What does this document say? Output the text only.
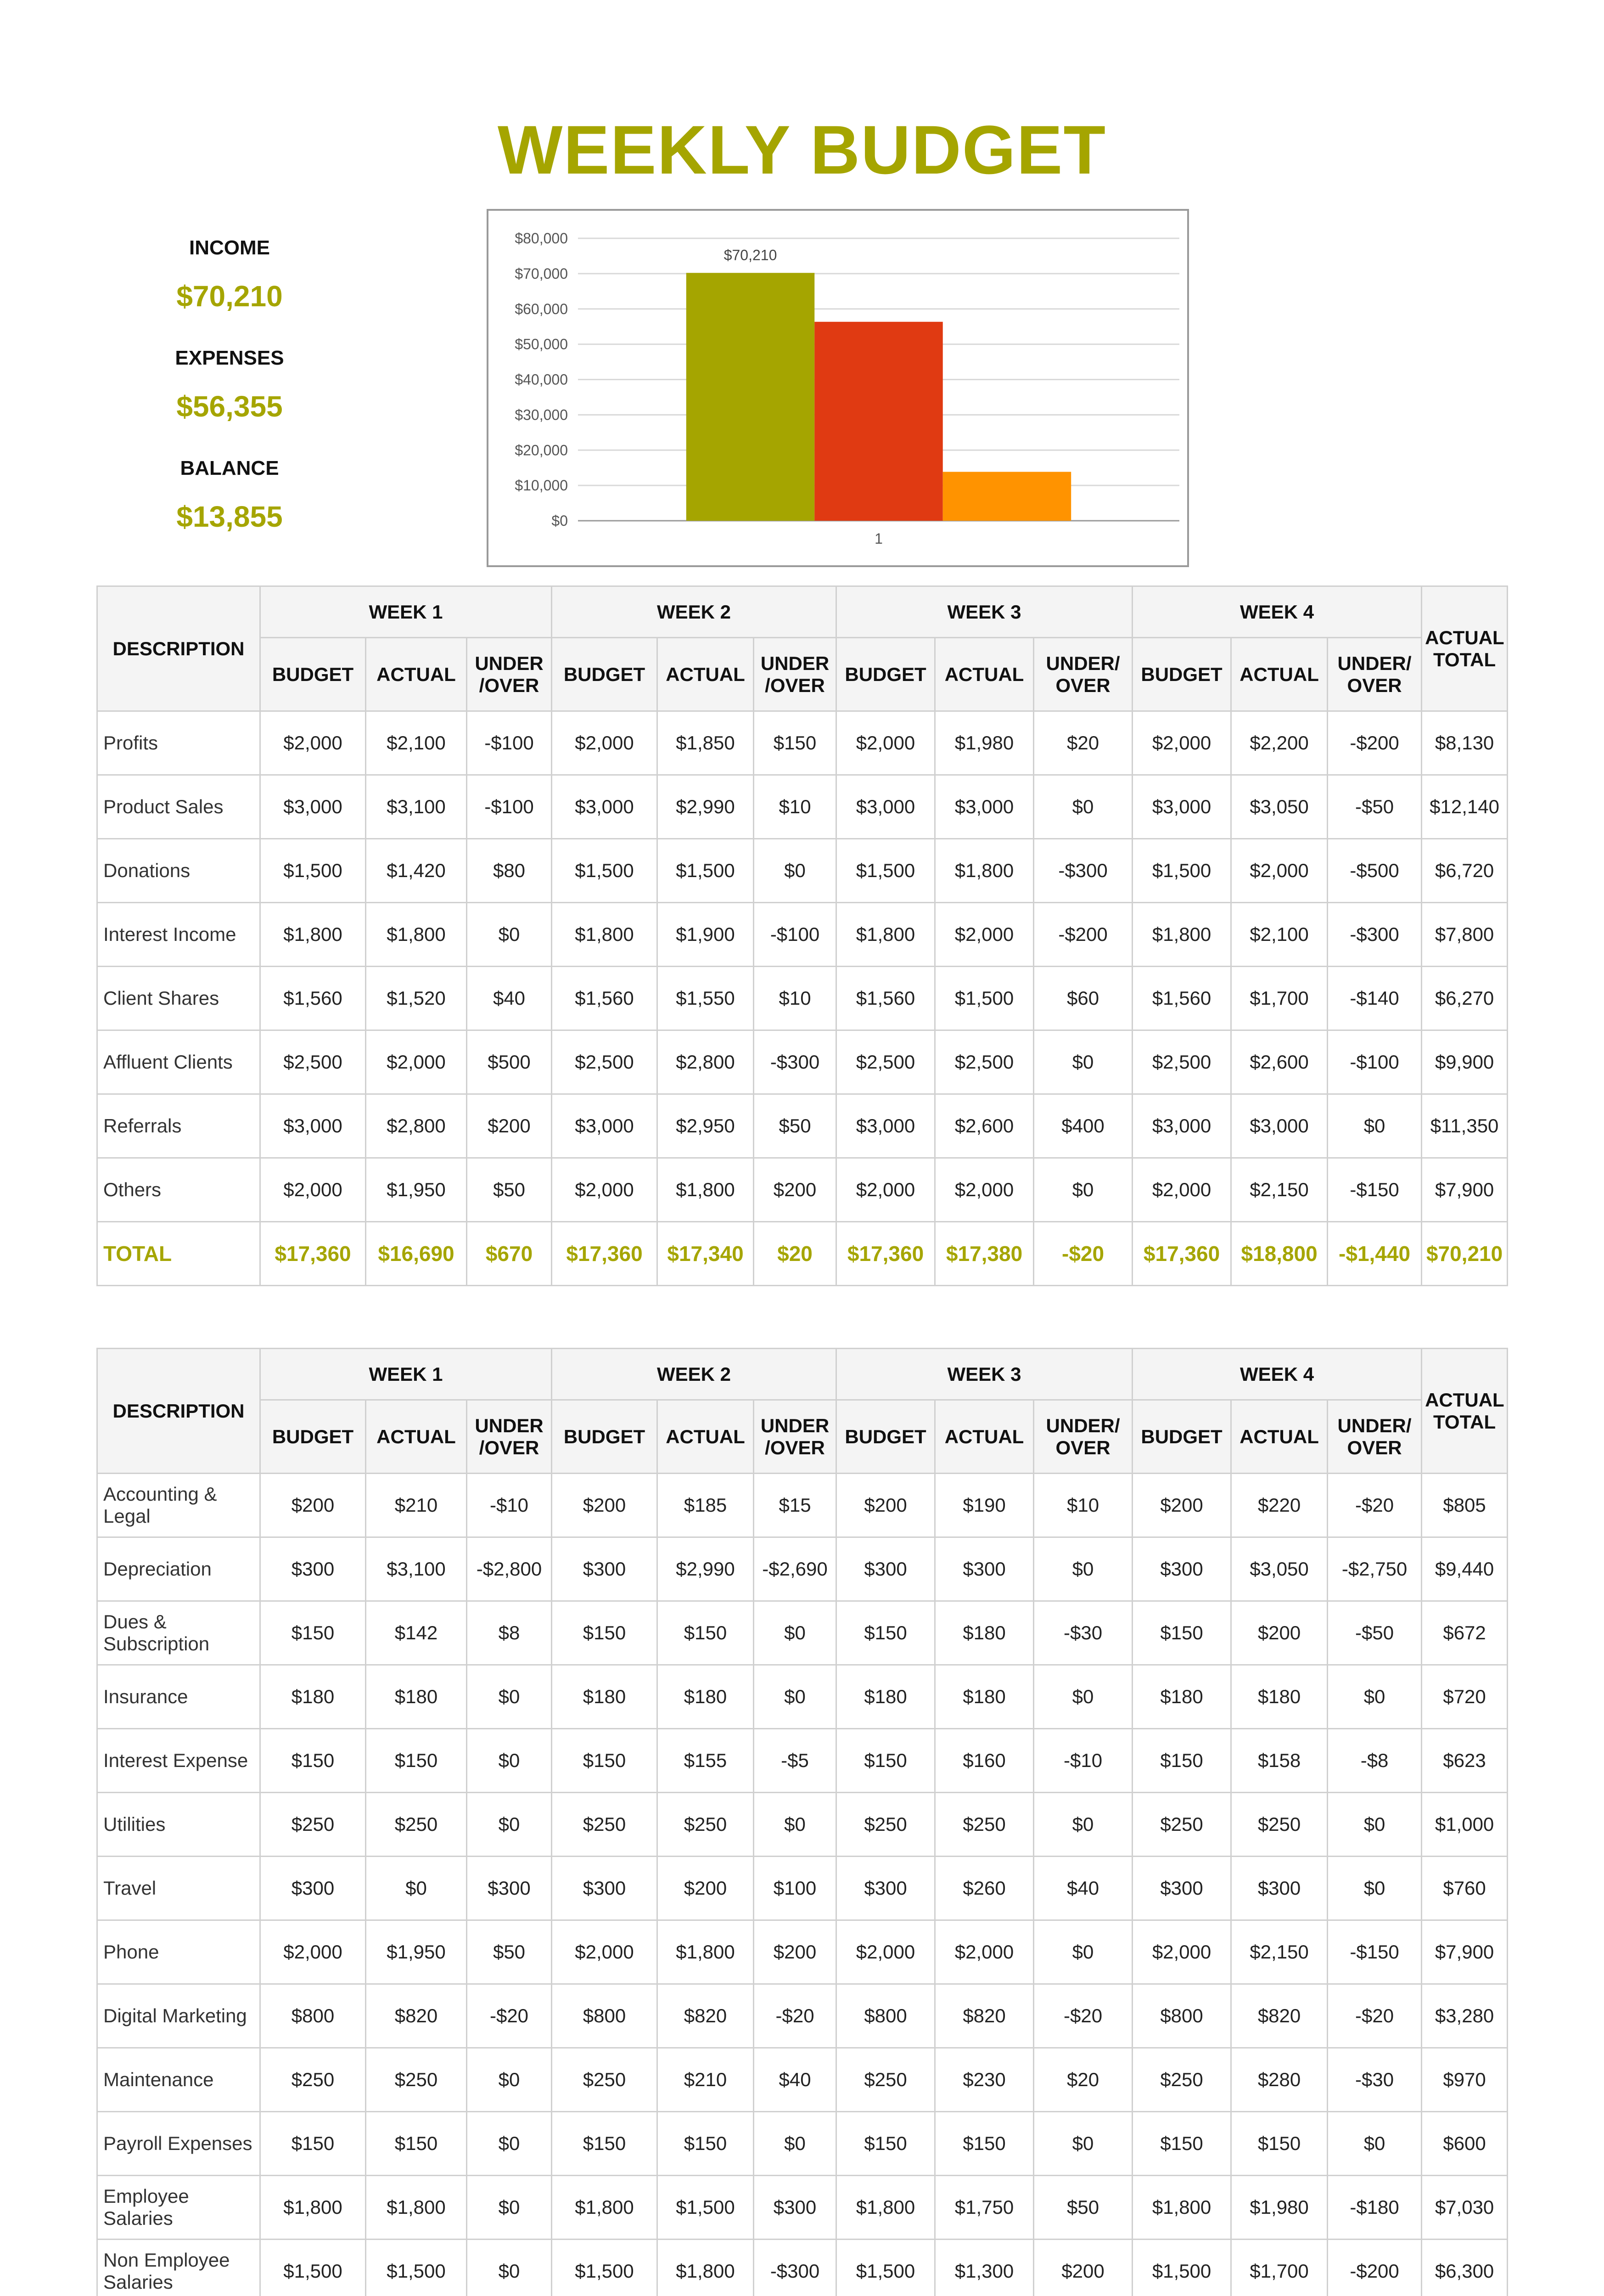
WEEKLY BUDGET
INCOME
$70,210
EXPENSES
$56,355
BALANCE
$13,855	$0
$10,000
$20,000
$30,000
$40,000
$50,000
$60,000
$70,000
$80,000
$70,210
1
DESCRIPTION	WEEK 1			WEEK 2			WEEK 3			WEEK 4			ACTUAL TOTAL
	BUDGET	ACTUAL	UNDER /OVER	BUDGET	ACTUAL	UNDER /OVER	BUDGET	ACTUAL	UNDER/ OVER	BUDGET	ACTUAL	UNDER/ OVER	
Profits	$2,000	$2,100	-$100	$2,000	$1,850	$150	$2,000	$1,980	$20	$2,000	$2,200	-$200	$8,130
Product Sales	$3,000	$3,100	-$100	$3,000	$2,990	$10	$3,000	$3,000	$0	$3,000	$3,050	-$50	$12,140
Donations	$1,500	$1,420	$80	$1,500	$1,500	$0	$1,500	$1,800	-$300	$1,500	$2,000	-$500	$6,720
Interest Income	$1,800	$1,800	$0	$1,800	$1,900	-$100	$1,800	$2,000	-$200	$1,800	$2,100	-$300	$7,800
Client Shares	$1,560	$1,520	$40	$1,560	$1,550	$10	$1,560	$1,500	$60	$1,560	$1,700	-$140	$6,270
Affluent Clients	$2,500	$2,000	$500	$2,500	$2,800	-$300	$2,500	$2,500	$0	$2,500	$2,600	-$100	$9,900
Referrals	$3,000	$2,800	$200	$3,000	$2,950	$50	$3,000	$2,600	$400	$3,000	$3,000	$0	$11,350
Others	$2,000	$1,950	$50	$2,000	$1,800	$200	$2,000	$2,000	$0	$2,000	$2,150	-$150	$7,900
TOTAL	$17,360	$16,690	$670	$17,360	$17,340	$20	$17,360	$17,380	-$20	$17,360	$18,800	-$1,440	$70,210
DESCRIPTION	WEEK 1			WEEK 2			WEEK 3			WEEK 4			ACTUAL TOTAL
	BUDGET	ACTUAL	UNDER /OVER	BUDGET	ACTUAL	UNDER /OVER	BUDGET	ACTUAL	UNDER/ OVER	BUDGET	ACTUAL	UNDER/ OVER	
Accounting & Legal	$200	$210	-$10	$200	$185	$15	$200	$190	$10	$200	$220	-$20	$805
Depreciation	$300	$3,100	-$2,800	$300	$2,990	-$2,690	$300	$300	$0	$300	$3,050	-$2,750	$9,440
Dues & Subscription	$150	$142	$8	$150	$150	$0	$150	$180	-$30	$150	$200	-$50	$672
Insurance	$180	$180	$0	$180	$180	$0	$180	$180	$0	$180	$180	$0	$720
Interest Expense	$150	$150	$0	$150	$155	-$5	$150	$160	-$10	$150	$158	-$8	$623
Utilities	$250	$250	$0	$250	$250	$0	$250	$250	$0	$250	$250	$0	$1,000
Travel	$300	$0	$300	$300	$200	$100	$300	$260	$40	$300	$300	$0	$760
Phone	$2,000	$1,950	$50	$2,000	$1,800	$200	$2,000	$2,000	$0	$2,000	$2,150	-$150	$7,900
Digital Marketing	$800	$820	-$20	$800	$820	-$20	$800	$820	-$20	$800	$820	-$20	$3,280
Maintenance	$250	$250	$0	$250	$210	$40	$250	$230	$20	$250	$280	-$30	$970
Payroll Expenses	$150	$150	$0	$150	$150	$0	$150	$150	$0	$150	$150	$0	$600
Employee Salaries	$1,800	$1,800	$0	$1,800	$1,500	$300	$1,800	$1,750	$50	$1,800	$1,980	-$180	$7,030
Non Employee Salaries	$1,500	$1,500	$0	$1,500	$1,800	-$300	$1,500	$1,300	$200	$1,500	$1,700	-$200	$6,300
